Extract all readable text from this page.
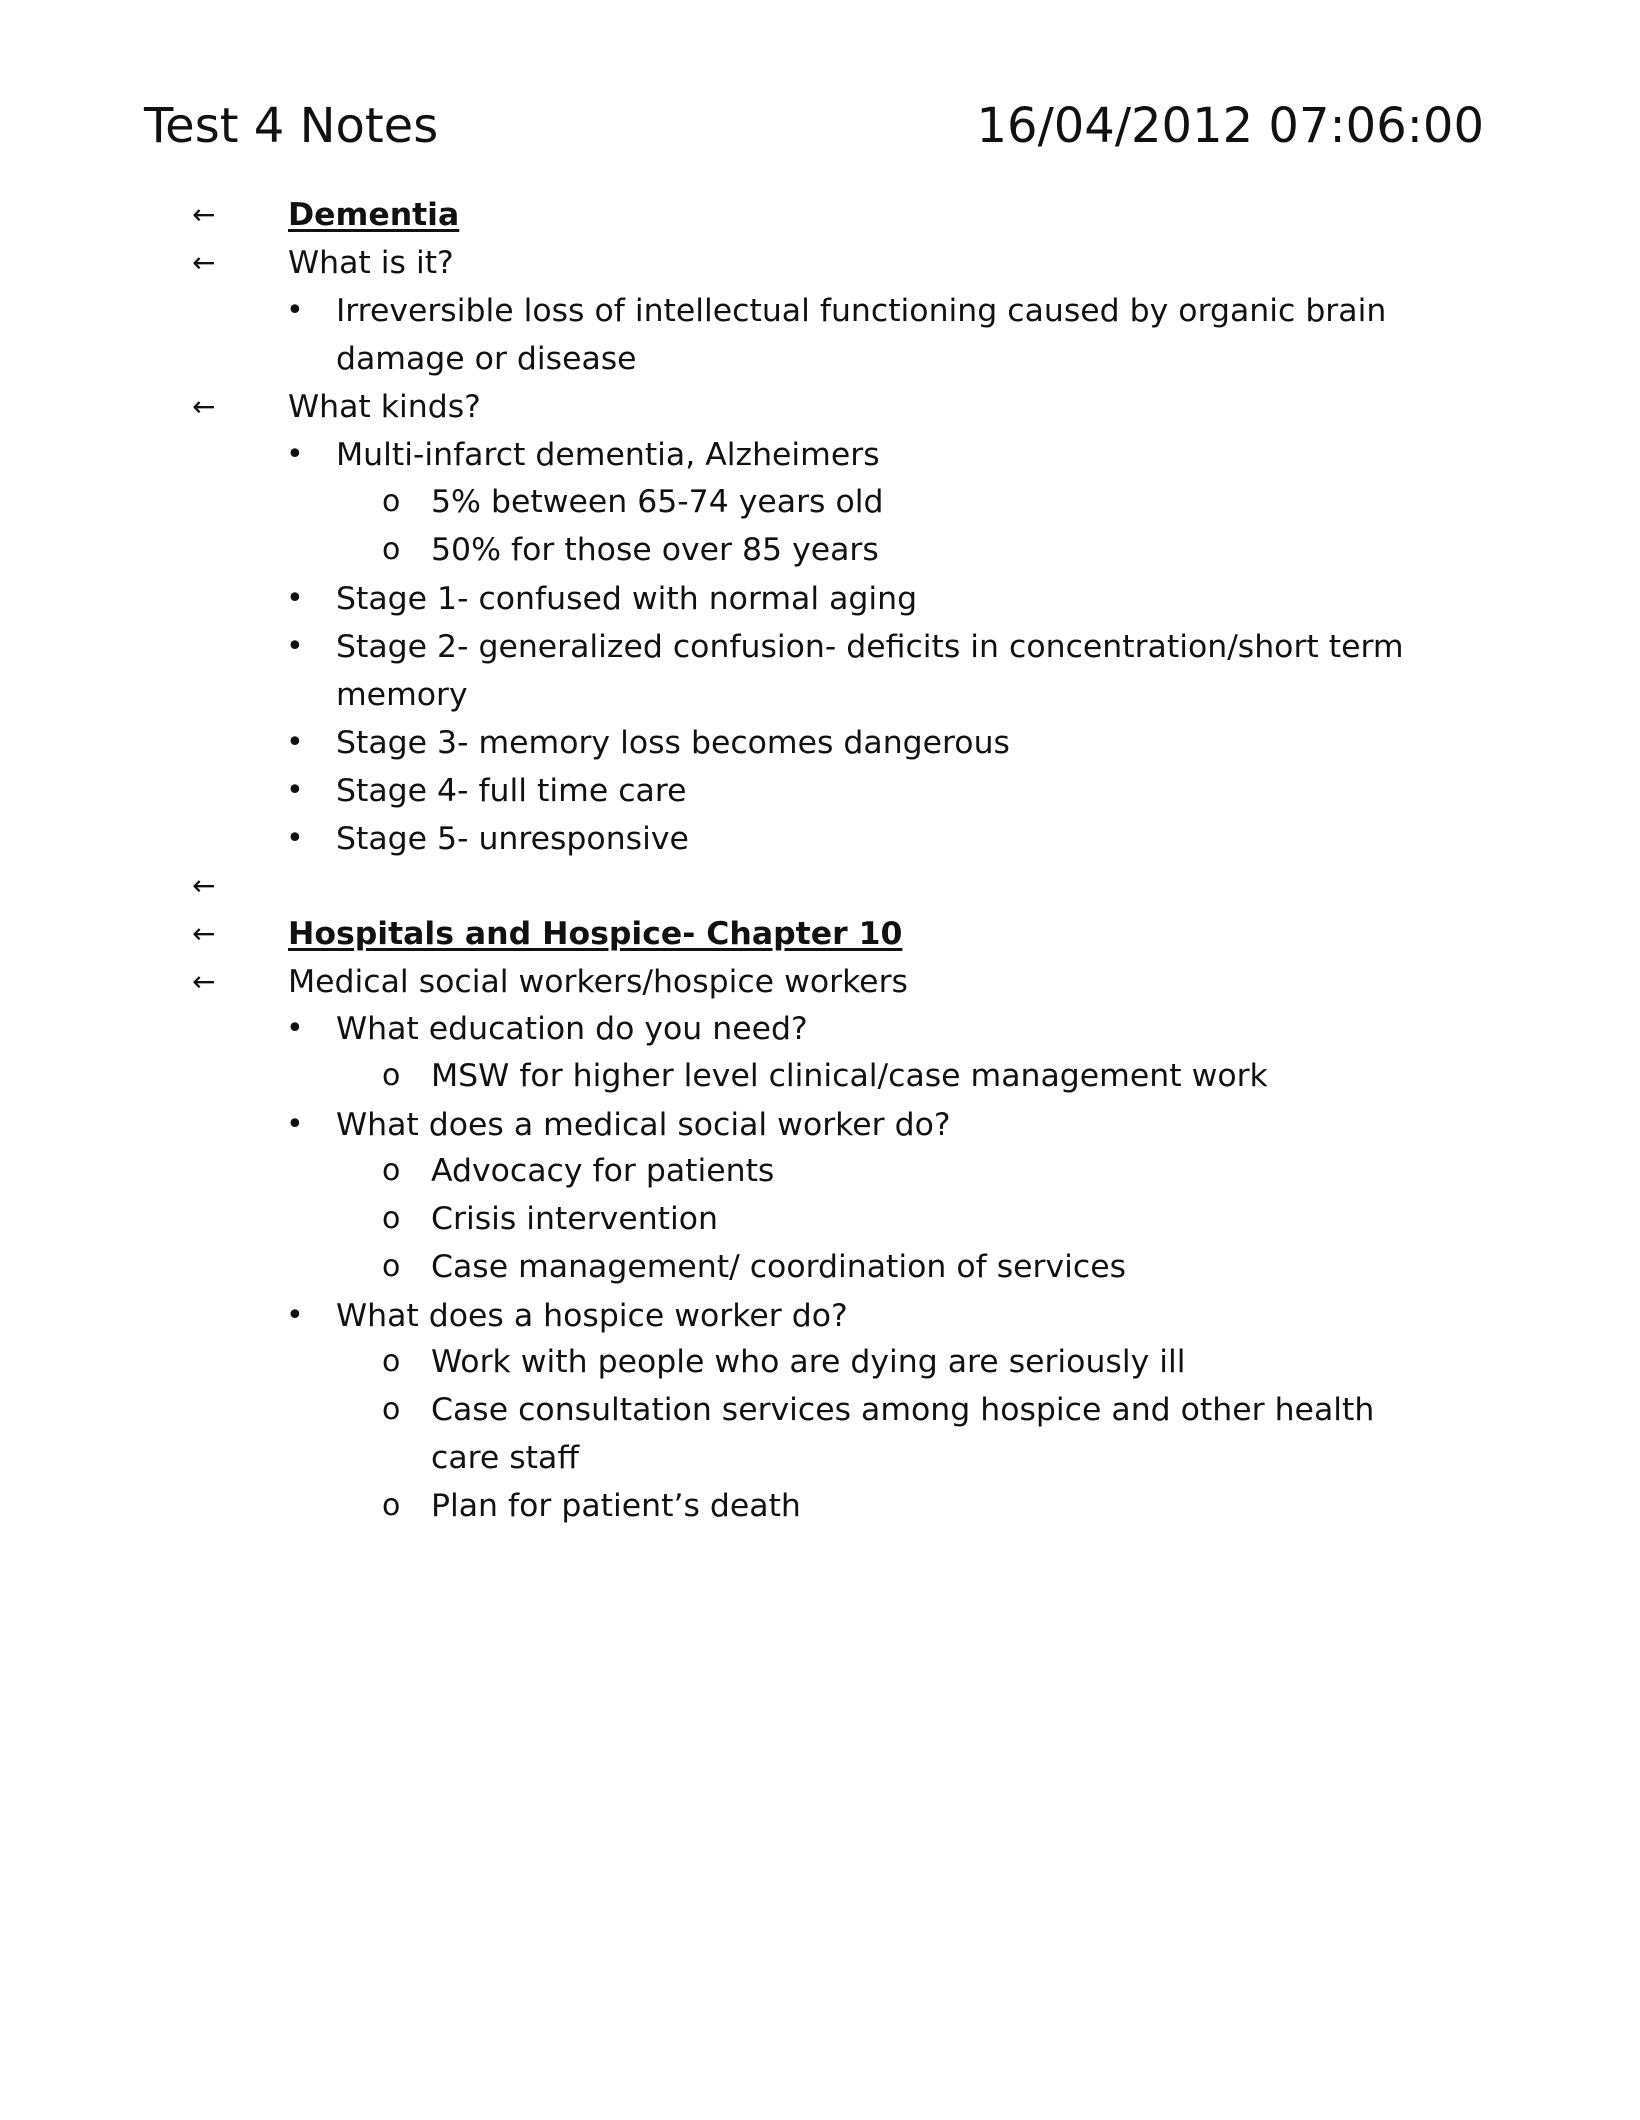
Test 4 Notes	16/04/2012 07:06:00
← Dementia
← What is it?
• Irreversible loss of intellectual functioning caused by organic brain
damage or disease
← What kinds?
• Multi-infarct dementia, Alzheimers
o 5% between 65-74 years old
o 50% for those over 85 years
• Stage 1- confused with normal aging
• Stage 2- generalized confusion- deficits in concentration/short term
memory
• Stage 3- memory loss becomes dangerous
• Stage 4- full time care
• Stage 5- unresponsive
←
← Hospitals and Hospice- Chapter 10
← Medical social workers/hospice workers
• What education do you need?
o MSW for higher level clinical/case management work
• What does a medical social worker do?
o Advocacy for patients
o Crisis intervention
o Case management/ coordination of services
• What does a hospice worker do?
o Work with people who are dying are seriously ill
o Case consultation services among hospice and other health
care staff
o Plan for patient’s death
